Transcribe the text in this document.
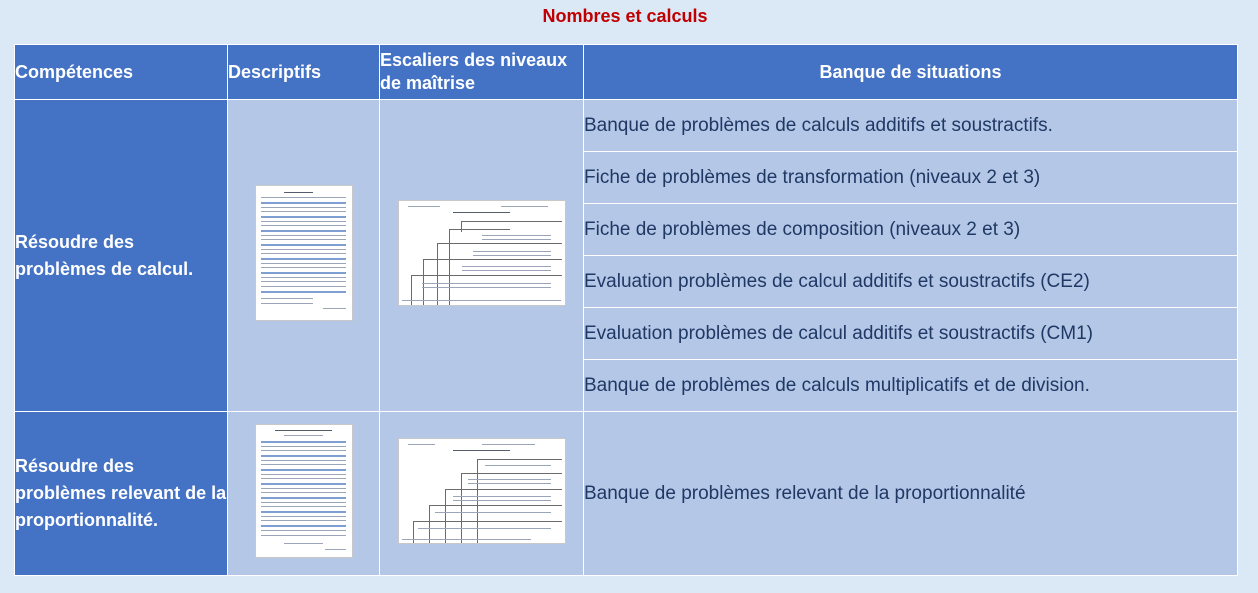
Nombres et calculs
Compétences	Descriptifs	Escaliers des niveaux de maîtrise	Banque de situations
Résoudre des problèmes de calcul.			Banque de problèmes de calculs additifs et soustractifs.
			Fiche de problèmes de transformation (niveaux 2 et 3)
			Fiche de problèmes de composition (niveaux 2 et 3)
			Evaluation problèmes de calcul additifs et soustractifs (CE2)
			Evaluation problèmes de calcul additifs et soustractifs (CM1)
			Banque de problèmes de calculs multiplicatifs et de division.
Résoudre des problèmes relevant de la proportionnalité.			Banque de problèmes relevant de la proportionnalité
